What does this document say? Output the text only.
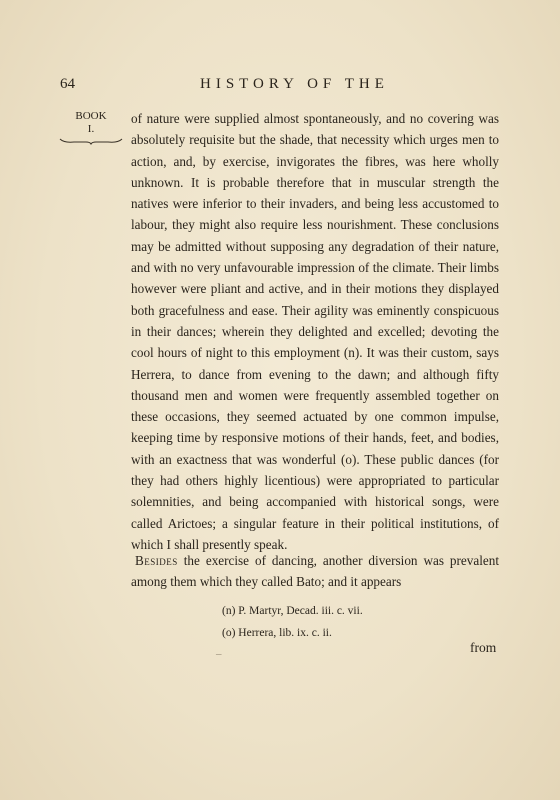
64	HISTORY OF THE
BOOK
I.

of nature were supplied almost spontaneously, and no covering was absolutely requisite but the shade, that necessity which urges men to action, and, by exercise, invigorates the fibres, was here wholly unknown. It is probable therefore that in muscular strength the natives were inferior to their invaders, and being less accustomed to labour, they might also require less nourishment. These conclusions may be admitted without supposing any degradation of their nature, and with no very unfavourable impression of the climate. Their limbs however were pliant and active, and in their motions they displayed both gracefulness and ease. Their agility was eminently conspicuous in their dances; wherein they delighted and excelled; devoting the cool hours of night to this employment (n). It was their custom, says Herrera, to dance from evening to the dawn; and although fifty thousand men and women were frequently assembled together on these occasions, they seemed actuated by one common impulse, keeping time by responsive motions of their hands, feet, and bodies, with an exactness that was wonderful (o). These public dances (for they had others highly licentious) were appropriated to particular solemnities, and being accompanied with historical songs, were called Arictoes; a singular feature in their political institutions, of which I shall presently speak.

Besides the exercise of dancing, another diversion was prevalent among them which they called Bato; and it appears

(n) P. Martyr, Decad. iii. c. vii.
(o) Herrera, lib. ix. c. ii.
–	from
